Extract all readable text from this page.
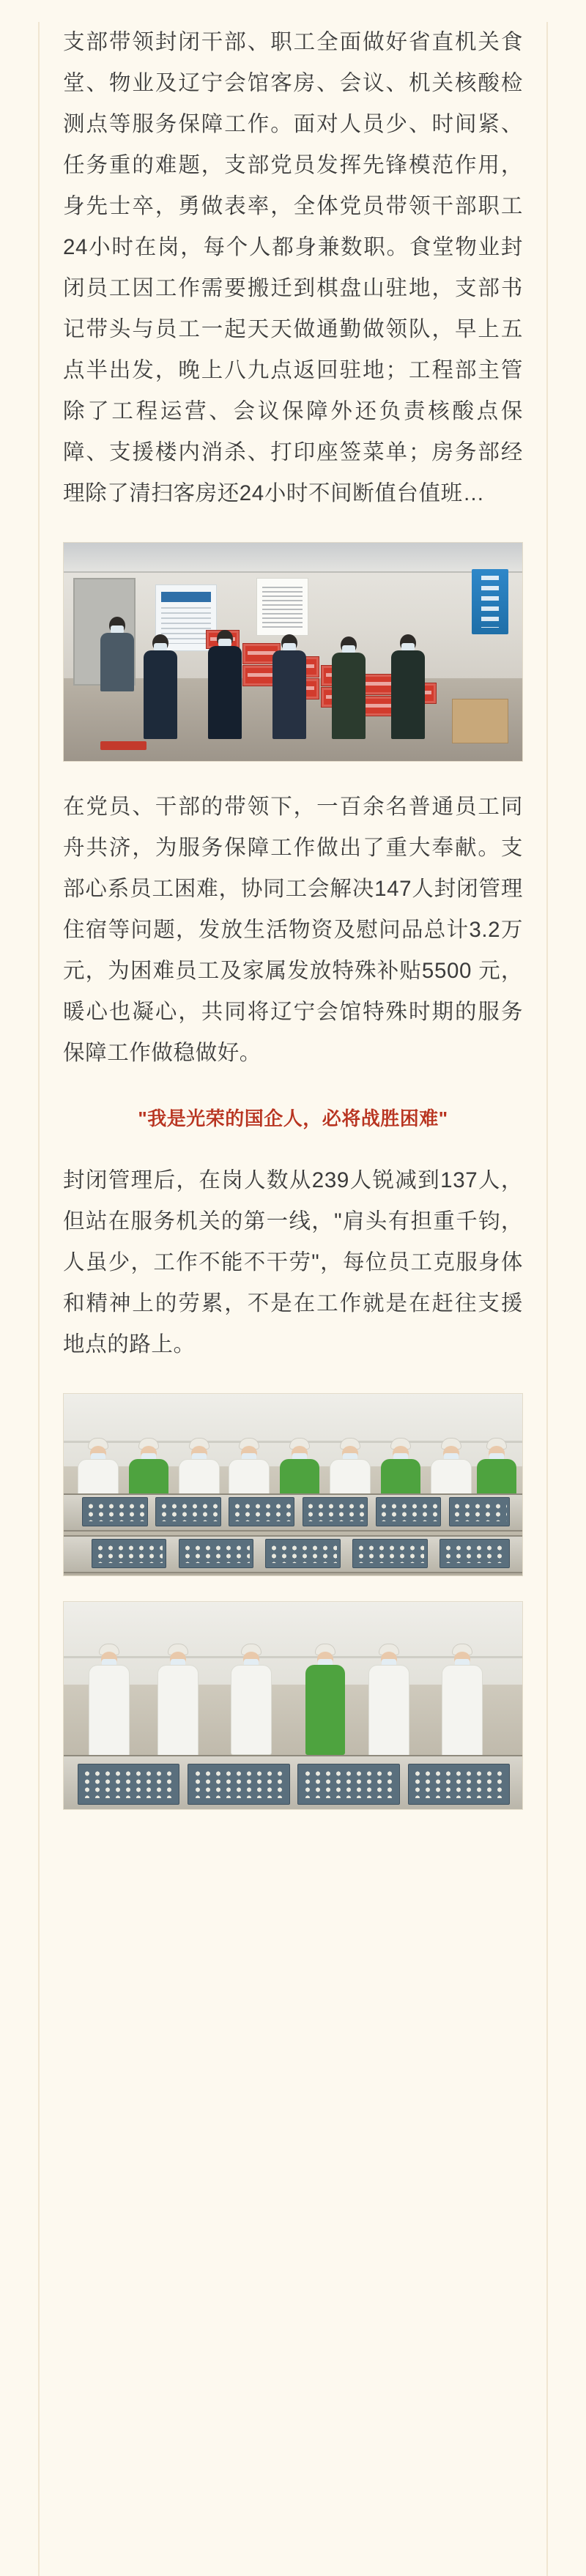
支部带领封闭干部、职工全面做好省直机关食堂、物业及辽宁会馆客房、会议、机关核酸检测点等服务保障工作。面对人员少、时间紧、任务重的难题，支部党员发挥先锋模范作用，身先士卒，勇做表率，全体党员带领干部职工24小时在岗，每个人都身兼数职。食堂物业封闭员工因工作需要搬迁到棋盘山驻地，支部书记带头与员工一起天天做通勤做领队，早上五点半出发，晚上八九点返回驻地；工程部主管除了工程运营、会议保障外还负责核酸点保障、支援楼内消杀、打印座签菜单；房务部经理除了清扫客房还24小时不间断值台值班…

在党员、干部的带领下，一百余名普通员工同舟共济，为服务保障工作做出了重大奉献。支部心系员工困难，协同工会解决147人封闭管理住宿等问题，发放生活物资及慰问品总计3.2万元，为困难员工及家属发放特殊补贴5500 元，暖心也凝心，共同将辽宁会馆特殊时期的服务保障工作做稳做好。

"我是光荣的国企人，必将战胜困难"

封闭管理后，在岗人数从239人锐减到137人，但站在服务机关的第一线，"肩头有担重千钧，人虽少，工作不能不干劳"，每位员工克服身体和精神上的劳累，不是在工作就是在赶往支援地点的路上。
